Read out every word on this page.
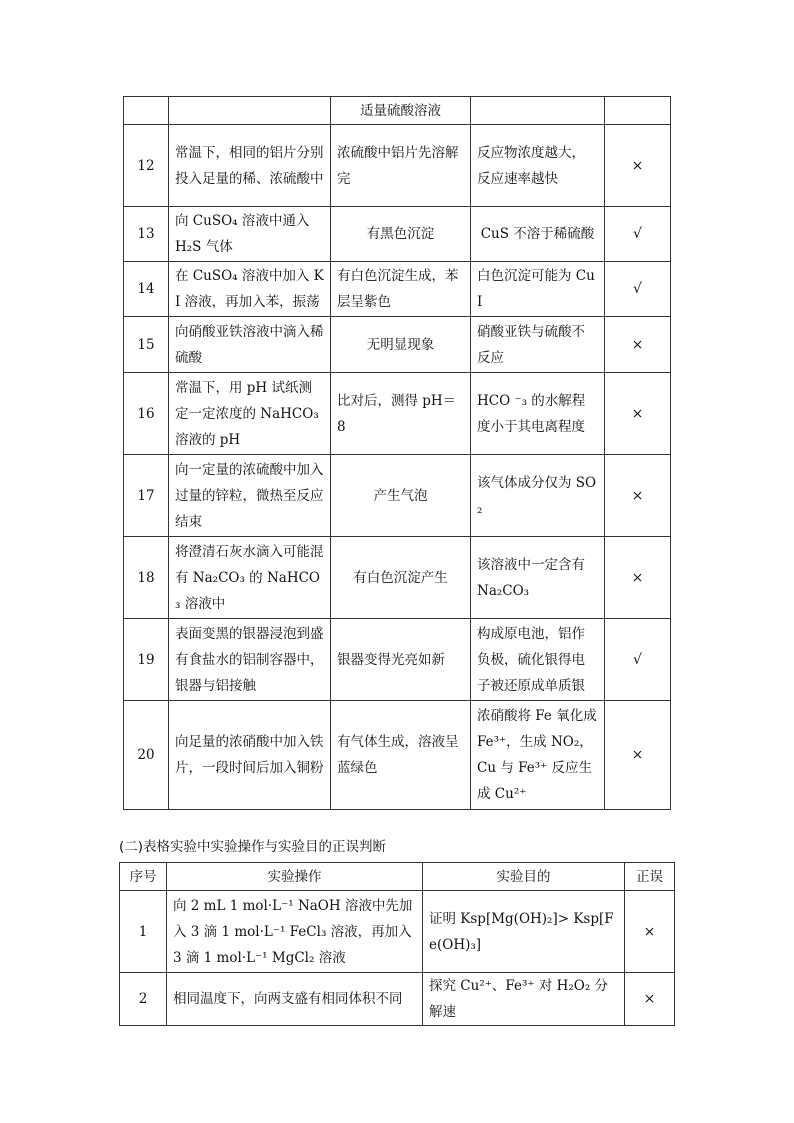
		适量硫酸溶液		
12	常温下，相同的铝片分别投入足量的稀、浓硫酸中	浓硫酸中铝片先溶解完	反应物浓度越大，反应速率越快	×
13	向 CuSO₄ 溶液中通入 H₂S 气体	有黑色沉淀	CuS 不溶于稀硫酸	√
14	在 CuSO₄ 溶液中加入 KI 溶液，再加入苯，振荡	有白色沉淀生成，苯层呈紫色	白色沉淀可能为 CuI	√
15	向硝酸亚铁溶液中滴入稀硫酸	无明显现象	硝酸亚铁与硫酸不反应	×
16	常温下，用 pH 试纸测定一定浓度的 NaHCO₃ 溶液的 pH	比对后，测得 pH＝8	HCO ⁻₃ 的水解程度小于其电离程度	×
17	向一定量的浓硫酸中加入过量的锌粒，微热至反应结束	产生气泡	该气体成分仅为 SO₂	×
18	将澄清石灰水滴入可能混有 Na₂CO₃ 的 NaHCO₃ 溶液中	有白色沉淀产生	该溶液中一定含有 Na₂CO₃	×
19	表面变黑的银器浸泡到盛有食盐水的铝制容器中，银器与铝接触	银器变得光亮如新	构成原电池，铝作负极，硫化银得电子被还原成单质银	√
20	向足量的浓硝酸中加入铁片，一段时间后加入铜粉	有气体生成，溶液呈蓝绿色	浓硝酸将 Fe 氧化成 Fe³⁺，生成 NO₂，Cu 与 Fe³⁺ 反应生成 Cu²⁺	×
(二)表格实验中实验操作与实验目的正误判断
序号	实验操作	实验目的	正误
1	向 2 mL 1 mol·L⁻¹ NaOH 溶液中先加入 3 滴 1 mol·L⁻¹ FeCl₃ 溶液，再加入 3 滴 1 mol·L⁻¹ MgCl₂ 溶液	证明 Ksp[Mg(OH)₂]> Ksp[Fe(OH)₃]	×
2	相同温度下，向两支盛有相同体积不同	探究 Cu²⁺、Fe³⁺ 对 H₂O₂ 分解速	×
